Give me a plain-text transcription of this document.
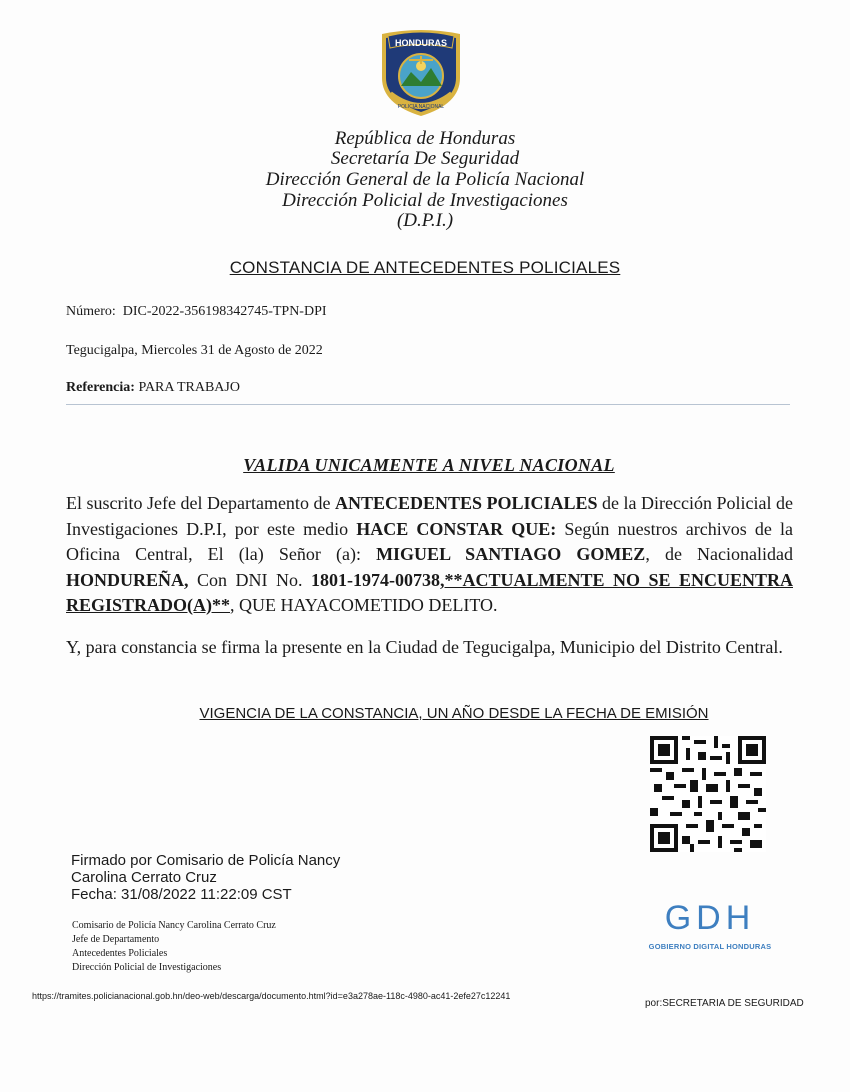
HONDURAS
POLICIA NACIONAL
República de Honduras
Secretaría De Seguridad
Dirección General de la Policía Nacional
Dirección Policial de Investigaciones
(D.P.I.)
CONSTANCIA DE ANTECEDENTES POLICIALES
Número: DIC-2022-356198342745-TPN-DPI
Tegucigalpa, Miercoles 31 de Agosto de 2022
Referencia: PARA TRABAJO
VALIDA UNICAMENTE A NIVEL NACIONAL
El suscrito Jefe del Departamento de ANTECEDENTES POLICIALES de la Dirección Policial de Investigaciones D.P.I, por este medio HACE CONSTAR QUE: Según nuestros archivos de la Oficina Central, El (la) Señor (a): MIGUEL SANTIAGO GOMEZ, de Nacionalidad HONDUREÑA, Con DNI No. 1801-1974-00738,**ACTUALMENTE NO SE ENCUENTRA REGISTRADO(A)**, QUE HAYACOMETIDO DELITO.
Y, para constancia se firma la presente en la Ciudad de Tegucigalpa, Municipio del Distrito Central.
VIGENCIA DE LA CONSTANCIA, UN AÑO DESDE LA FECHA DE EMISIÓN
Firmado por Comisario de Policía Nancy
Carolina Cerrato Cruz
Fecha: 31/08/2022 11:22:09 CST
Comisario de Policía Nancy Carolina Cerrato Cruz
Jefe de Departamento
Antecedentes Policiales
Dirección Policial de Investigaciones
GDH
GOBIERNO DIGITAL HONDURAS
https://tramites.policianacional.gob.hn/deo-web/descarga/documento.html?id=e3a278ae-118c-4980-ac41-2efe27c12241
por:SECRETARIA DE SEGURIDAD
